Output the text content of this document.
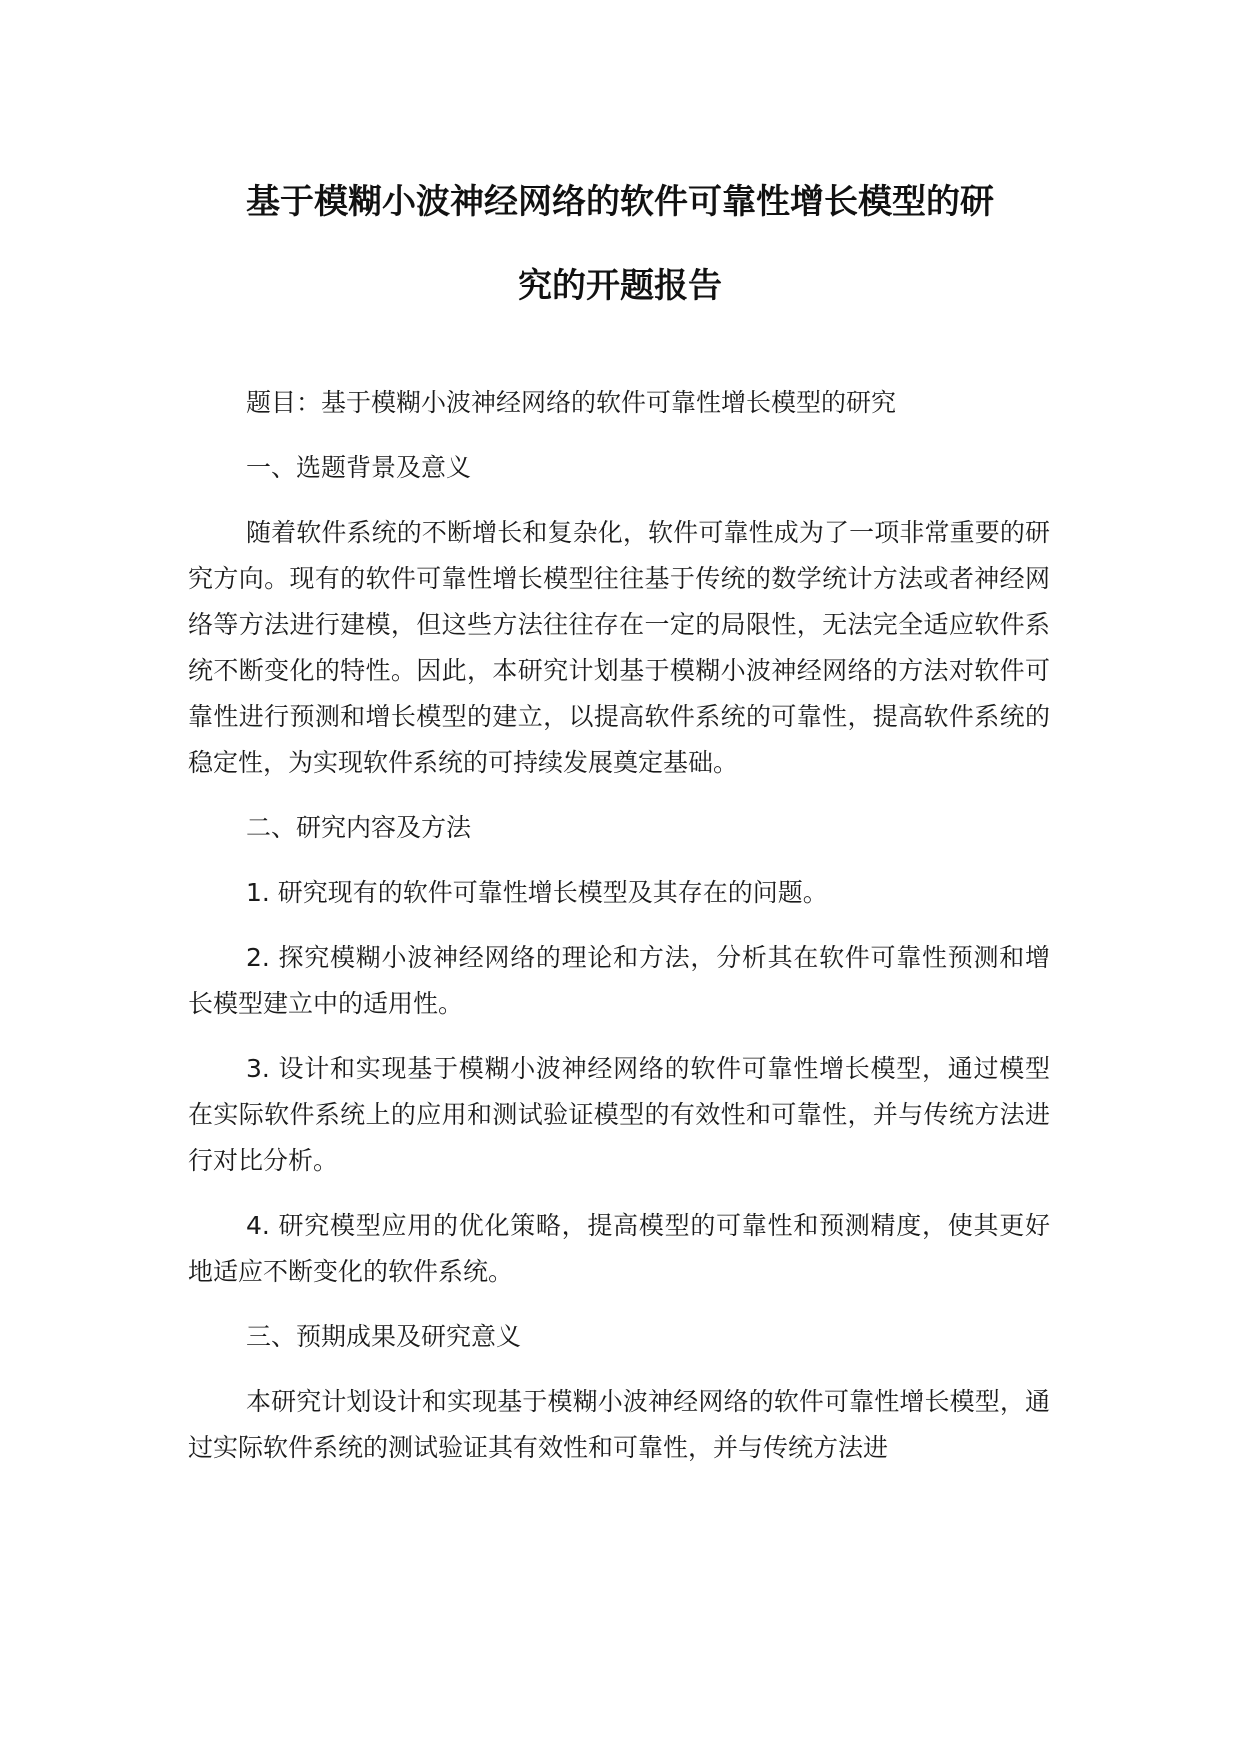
基于模糊小波神经网络的软件可靠性增长模型的研
究的开题报告

题目：基于模糊小波神经网络的软件可靠性增长模型的研究

一、选题背景及意义

随着软件系统的不断增长和复杂化，软件可靠性成为了一项非常重要的研究方向。现有的软件可靠性增长模型往往基于传统的数学统计方法或者神经网络等方法进行建模，但这些方法往往存在一定的局限性，无法完全适应软件系统不断变化的特性。因此，本研究计划基于模糊小波神经网络的方法对软件可靠性进行预测和增长模型的建立，以提高软件系统的可靠性，提高软件系统的稳定性，为实现软件系统的可持续发展奠定基础。

二、研究内容及方法

1. 研究现有的软件可靠性增长模型及其存在的问题。

2. 探究模糊小波神经网络的理论和方法，分析其在软件可靠性预测和增长模型建立中的适用性。

3. 设计和实现基于模糊小波神经网络的软件可靠性增长模型，通过模型在实际软件系统上的应用和测试验证模型的有效性和可靠性，并与传统方法进行对比分析。

4. 研究模型应用的优化策略，提高模型的可靠性和预测精度，使其更好地适应不断变化的软件系统。

三、预期成果及研究意义

本研究计划设计和实现基于模糊小波神经网络的软件可靠性增长模型，通过实际软件系统的测试验证其有效性和可靠性，并与传统方法进
